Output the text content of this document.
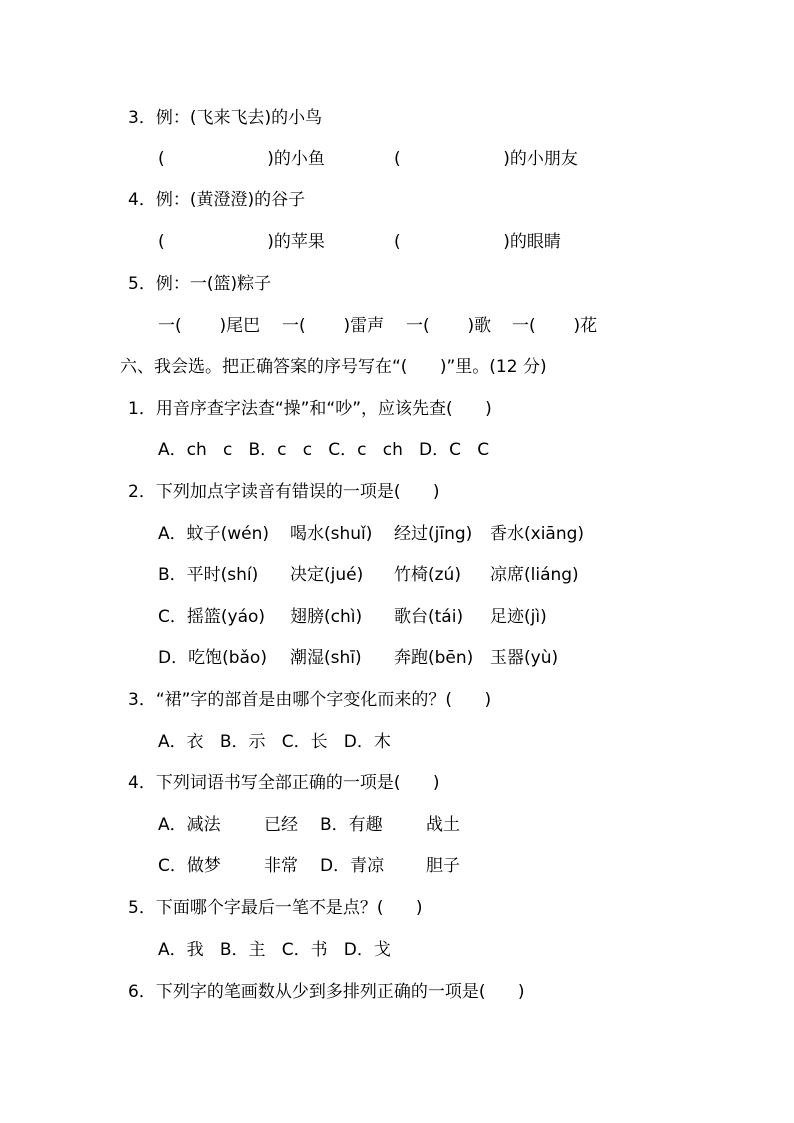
3．例：(飞来飞去)的小鸟
(                   )的小鱼	(                   )的小朋友
4．例：(黄澄澄)的谷子
(                   )的苹果	(                   )的眼睛
5．例：一(篮)粽子
一(       )尾巴 一(       )雷声 一(       )歌 一(       )花
六、我会选。把正确答案的序号写在“(      )”里。(12 分)
1．用音序查字法查“操”和“吵”，应该先查(      )
A．ch   c   B．c   c   C．c   ch   D．C   C
2．下列加点字读音有错误的一项是(      )
A．蚊子(wén) 喝水(shuǐ) 经过(jīng) 香水(xiāng)
B．平时(shí) 决定(jué) 竹椅(zú) 凉席(liáng)
C．摇篮(yáo) 翅膀(chì) 歌台(tái) 足迹(jì)
D．吃饱(bǎo) 潮湿(shī) 奔跑(bēn) 玉器(yù)
3．“裙”字的部首是由哪个字变化而来的？(      )
A．衣   B．示   C．长   D．木
4．下列词语书写全部正确的一项是(      )
A．减法	已经 B．有趣	战土
C．做梦	非常 D．青凉 胆子
5．下面哪个字最后一笔不是点？(      )
A．我   B．主   C．书   D．戈
6．下列字的笔画数从少到多排列正确的一项是(      )
